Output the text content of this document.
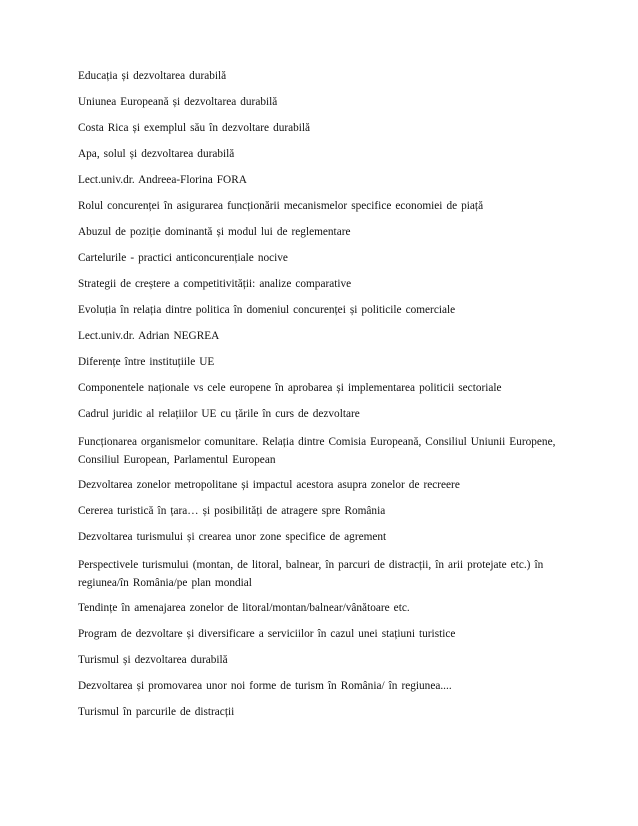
Educația și dezvoltarea durabilă

Uniunea Europeană și dezvoltarea durabilă

Costa Rica și exemplul său în dezvoltare durabilă

Apa, solul și dezvoltarea durabilă

Lect.univ.dr. Andreea-Florina FORA

Rolul concurenței în asigurarea funcționării mecanismelor specifice economiei de piață

Abuzul de poziție dominantă și modul lui de reglementare

Cartelurile - practici anticoncurențiale nocive

Strategii de creștere a competitivității: analize comparative

Evoluția în relația dintre politica în domeniul concurenței și politicile comerciale

Lect.univ.dr. Adrian NEGREA

Diferențe între instituțiile UE

Componentele naționale vs cele europene în aprobarea și implementarea politicii sectoriale

Cadrul juridic al relațiilor UE cu țările în curs de dezvoltare

Funcționarea organismelor comunitare. Relația dintre Comisia Europeană, Consiliul Uniunii Europene, Consiliul European, Parlamentul European

Dezvoltarea zonelor metropolitane și impactul acestora asupra zonelor de recreere

Cererea turistică în țara… și posibilități de atragere spre România

Dezvoltarea turismului și crearea unor zone specifice de agrement

Perspectivele turismului (montan, de litoral, balnear, în parcuri de distracții, în arii protejate etc.) în regiunea/în România/pe plan mondial

Tendințe în amenajarea zonelor de litoral/montan/balnear/vânătoare etc.

Program de dezvoltare și diversificare a serviciilor în cazul unei stațiuni turistice

Turismul și dezvoltarea durabilă

Dezvoltarea și promovarea unor noi forme de turism în România/ în regiunea....

Turismul în parcurile de distracții
